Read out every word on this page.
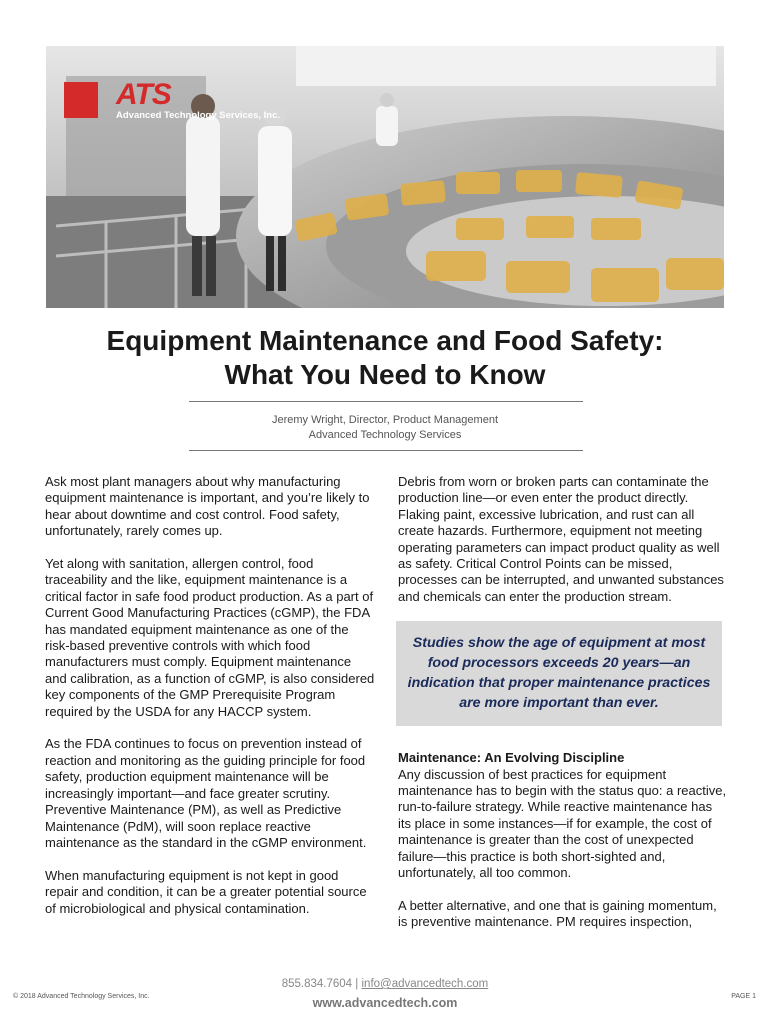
ATS
Advanced Technology Services, Inc.
Equipment Maintenance and Food Safety:
What You Need to Know
Jeremy Wright, Director, Product Management
Advanced Technology Services

Ask most plant managers about why manufacturing equipment maintenance is important, and you’re likely to hear about downtime and cost control. Food safety, unfortunately, rarely comes up.

Yet along with sanitation, allergen control, food traceability and the like, equipment maintenance is a critical factor in safe food product production. As a part of Current Good Manufacturing Practices (cGMP), the FDA has mandated equipment maintenance as one of the risk-based preventive controls with which food manufacturers must comply. Equipment maintenance and calibration, as a function of cGMP, is also considered key components of the GMP Prerequisite Program required by the USDA for any HACCP system.

As the FDA continues to focus on prevention instead of reaction and monitoring as the guiding principle for food safety, production equipment maintenance will be increasingly important—and face greater scrutiny. Preventive Maintenance (PM), as well as Predictive Maintenance (PdM), will soon replace reactive maintenance as the standard in the cGMP environment.

When manufacturing equipment is not kept in good repair and condition, it can be a greater potential source of microbiological and physical contamination.

Debris from worn or broken parts can contaminate the production line—or even enter the product directly. Flaking paint, excessive lubrication, and rust can all create hazards. Furthermore, equipment not meeting operating parameters can impact product quality as well as safety. Critical Control Points can be missed, processes can be interrupted, and unwanted substances and chemicals can enter the production stream.

Studies show the age of equipment at most food processors exceeds 20 years—an indication that proper maintenance practices are more important than ever.

Maintenance: An Evolving Discipline
Any discussion of best practices for equipment maintenance has to begin with the status quo: a reactive, run-to-failure strategy. While reactive maintenance has its place in some instances—if for example, the cost of maintenance is greater than the cost of unexpected failure—this practice is both short-sighted and, unfortunately, all too common.

A better alternative, and one that is gaining momentum, is preventive maintenance. PM requires inspection,

855.834.7604 | info@advancedtech.com
www.advancedtech.com
© 2018 Advanced Technology Services, Inc.	PAGE 1
